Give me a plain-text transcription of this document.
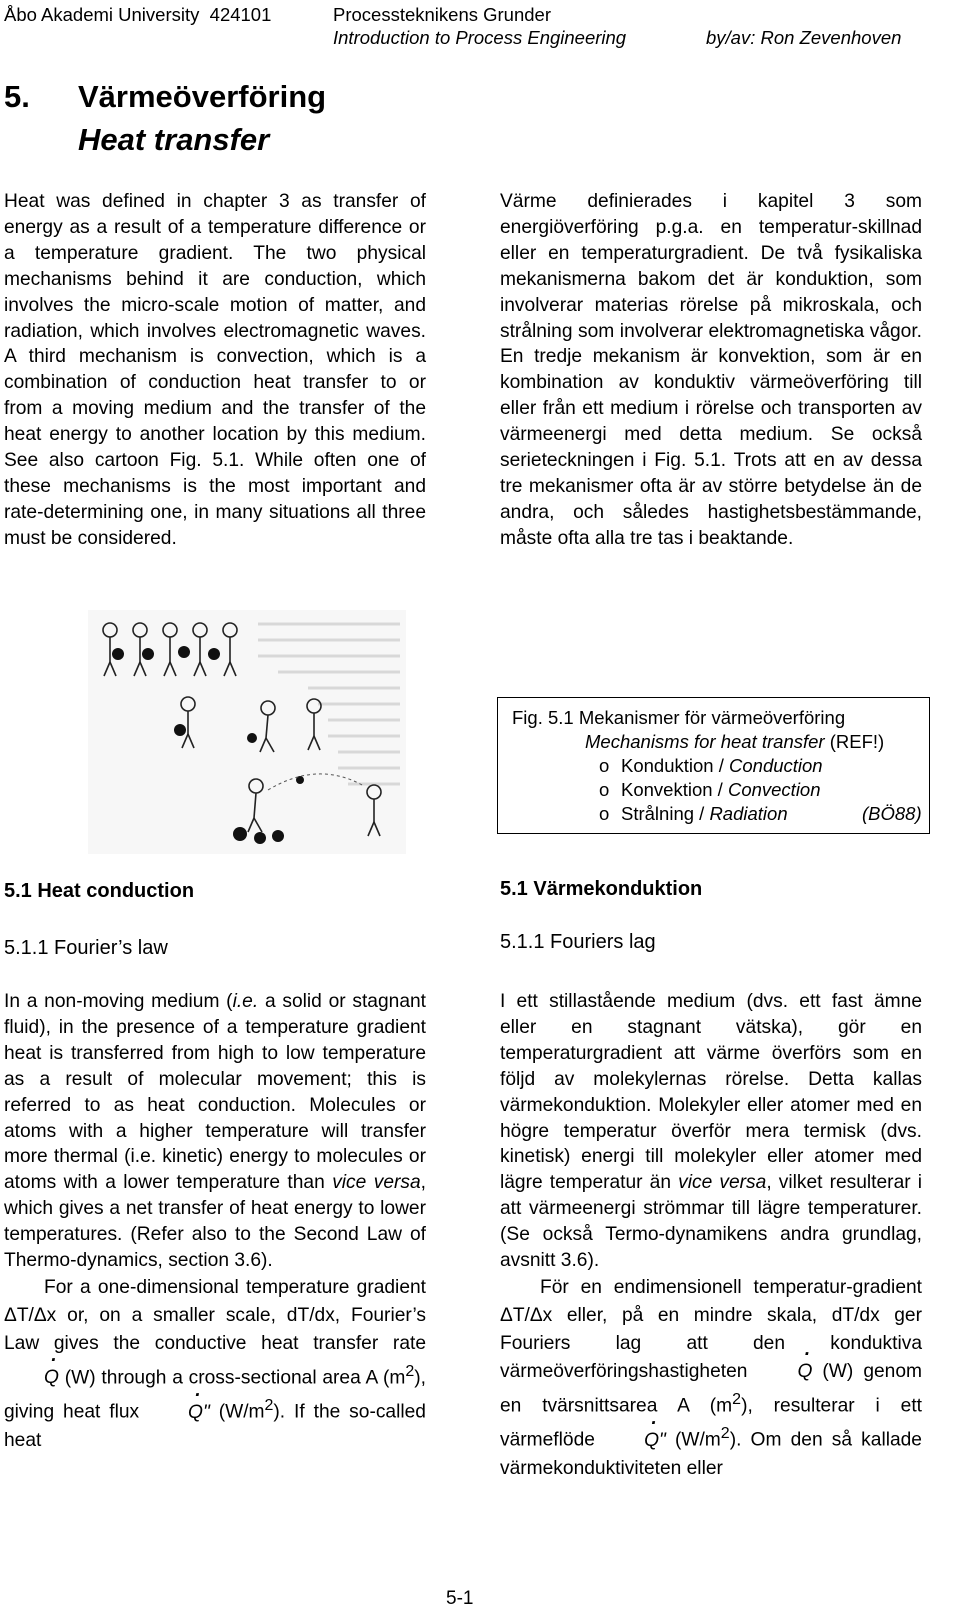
Åbo Akademi University 424101	Processteknikens Grunder
Introduction to Process Engineering	by/av: Ron Zevenhoven
5. Värmeöverföring
Heat transfer

Heat was defined in chapter 3 as transfer of energy as a result of a temperature difference or a temperature gradient. The two physical mechanisms behind it are conduction, which involves the micro-scale motion of matter, and radiation, which involves electromagnetic waves. A third mechanism is convection, which is a combination of conduction heat transfer to or from a moving medium and the transfer of the heat energy to another location by this medium. See also cartoon Fig. 5.1. While often one of these mechanisms is the most important and rate-determining one, in many situations all three must be considered.

Värme definierades i kapitel 3 som energiöverföring p.g.a. en temperatur-skillnad eller en temperaturgradient. De två fysikaliska mekanismerna bakom det är konduktion, som involverar materias rörelse på mikroskala, och strålning som involverar elektromagnetiska vågor. En tredje mekanism är konvektion, som är en kombination av konduktiv värmeöverföring till eller från ett medium i rörelse och transporten av värmeenergi med detta medium. Se också serieteckningen i Fig. 5.1. Trots att en av dessa tre mekanismer ofta är av större betydelse än de andra, och således hastighetsbestämmande, måste ofta alla tre tas i beaktande.

Fig. 5.1 Mekanismer för värmeöverföring
Mechanisms for heat transfer (REF!)
o Konduktion / Conduction
o Konvektion / Convection
o Strålning / Radiation	(BÖ88)
5.1 Heat conduction
5.1.1 Fourier’s law

In a non-moving medium (i.e. a solid or stagnant fluid), in the presence of a temperature gradient heat is transferred from high to low temperature as a result of molecular movement; this is referred to as heat conduction. Molecules or atoms with a higher temperature will transfer more thermal (i.e. kinetic) energy to molecules or atoms with a lower temperature than vice versa, which gives a net transfer of heat energy to lower temperatures. (Refer also to the Second Law of Thermo-dynamics, section 3.6).

For a one-dimensional temperature gradient ΔT/Δx or, on a smaller scale, dT/dx, Fourier’s Law gives the conductive heat transfer rate · Q (W) through a cross-sectional area A $(m^2)$, giving heat flux · Q" $(W/m^2)$. If the so-called heat

5.1 Värmekonduktion
5.1.1 Fouriers lag

I ett stillastående medium (dvs. ett fast ämne eller en stagnant vätska), gör en temperaturgradient att värme överförs som en följd av molekylernas rörelse. Detta kallas värmekonduktion. Molekyler eller atomer med en högre temperatur överför mera termisk (dvs. kinetisk) energi till molekyler eller atomer med lägre temperatur än vice versa, vilket resulterar i att värmeenergi strömmar till lägre temperaturer. (Se också Termo-dynamikens andra grundlag, avsnitt 3.6).

För en endimensionell temperatur-gradient ΔT/Δx eller, på en mindre skala, dT/dx ger Fouriers lag att den konduktiva värmeöverföringshastigheten · Q (W) genom en tvärsnittsarea A $(m^2)$, resulterar i ett värmeflöde · Q" $(W/m^2)$. Om den så kallade värmekonduktiviteten eller

5-1
